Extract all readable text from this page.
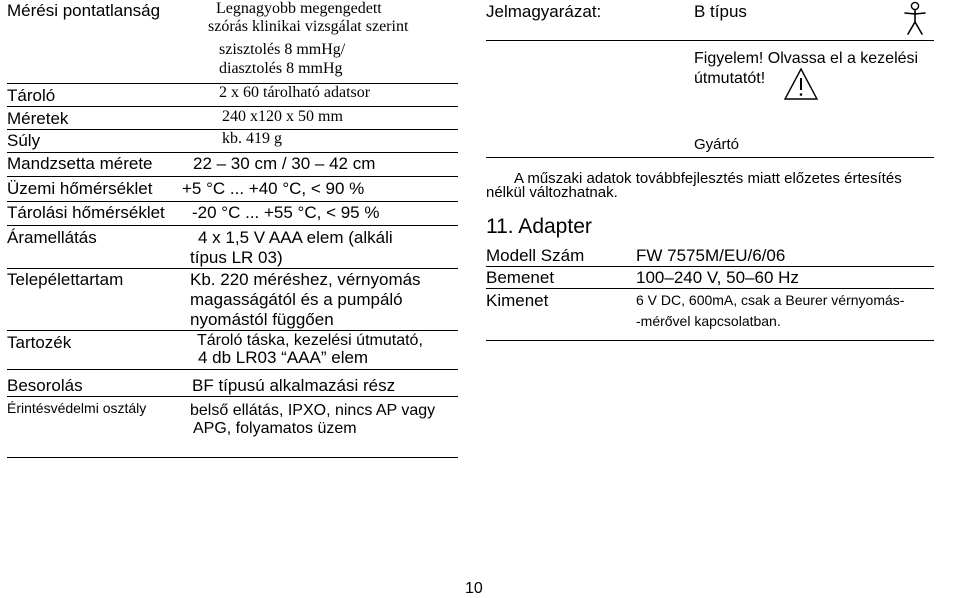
Mérési pontatlanság	Legnagyobb megengedett
szórás klinikai vizsgálat szerint
szisztolés 8 mmHg/
diasztolés 8 mmHg
Tároló	2 x 60 tárolható adatsor
Méretek	240 x120 x 50 mm
Súly	kb. 419 g
Mandzsetta mérete 22 – 30 cm / 30 – 42 cm
Üzemi hőmérséklet +5 °C ... +40 °C, < 90 %
Tárolási hőmérséklet -20 °C ... +55 °C, < 95 %
Áramellátás	4 x 1,5 V AAA elem (alkáli
típus LR 03)
Telepélettartam	Kb. 220 méréshez, vérnyomás
magasságától és a pumpáló
nyomástól függően
Tartozék	Tároló táska, kezelési útmutató,
4 db LR03 “AAA” elem
Besorolás	BF típusú alkalmazási rész
Érintésvédelmi osztály	belső ellátás, IPXO, nincs AP vagy
APG, folyamatos üzem
Jelmagyarázat:	B típus
Figyelem! Olvassa el a kezelési
útmutatót!
Gyártó
A műszaki adatok továbbfejlesztés miatt előzetes értesítés
nélkül változhatnak.
11. Adapter
Modell Szám	FW 7575M/EU/6/06
Bemenet	100–240 V, 50–60 Hz
Kimenet	6 V DC, 600mA, csak a Beurer vérnyomás-
-mérővel kapcsolatban.
10
